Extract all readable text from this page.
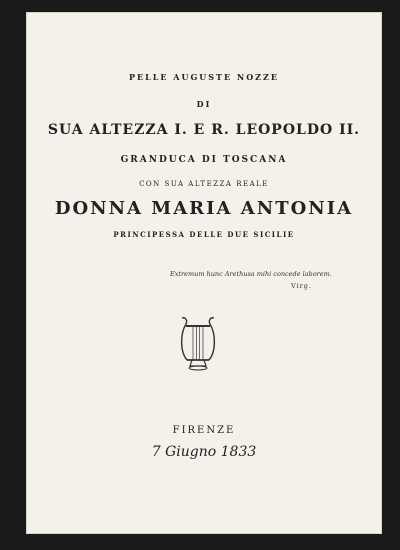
PELLE AUGUSTE NOZZE
DI
SUA ALTEZZA I. E R. LEOPOLDO II.
GRANDUCA DI TOSCANA
CON SUA ALTEZZA REALE
DONNA MARIA ANTONIA
PRINCIPESSA DELLE DUE SICILIE
Extremum hunc Arethusa mihi concede laborem.
Virg.
FIRENZE
7 Giugno 1833
